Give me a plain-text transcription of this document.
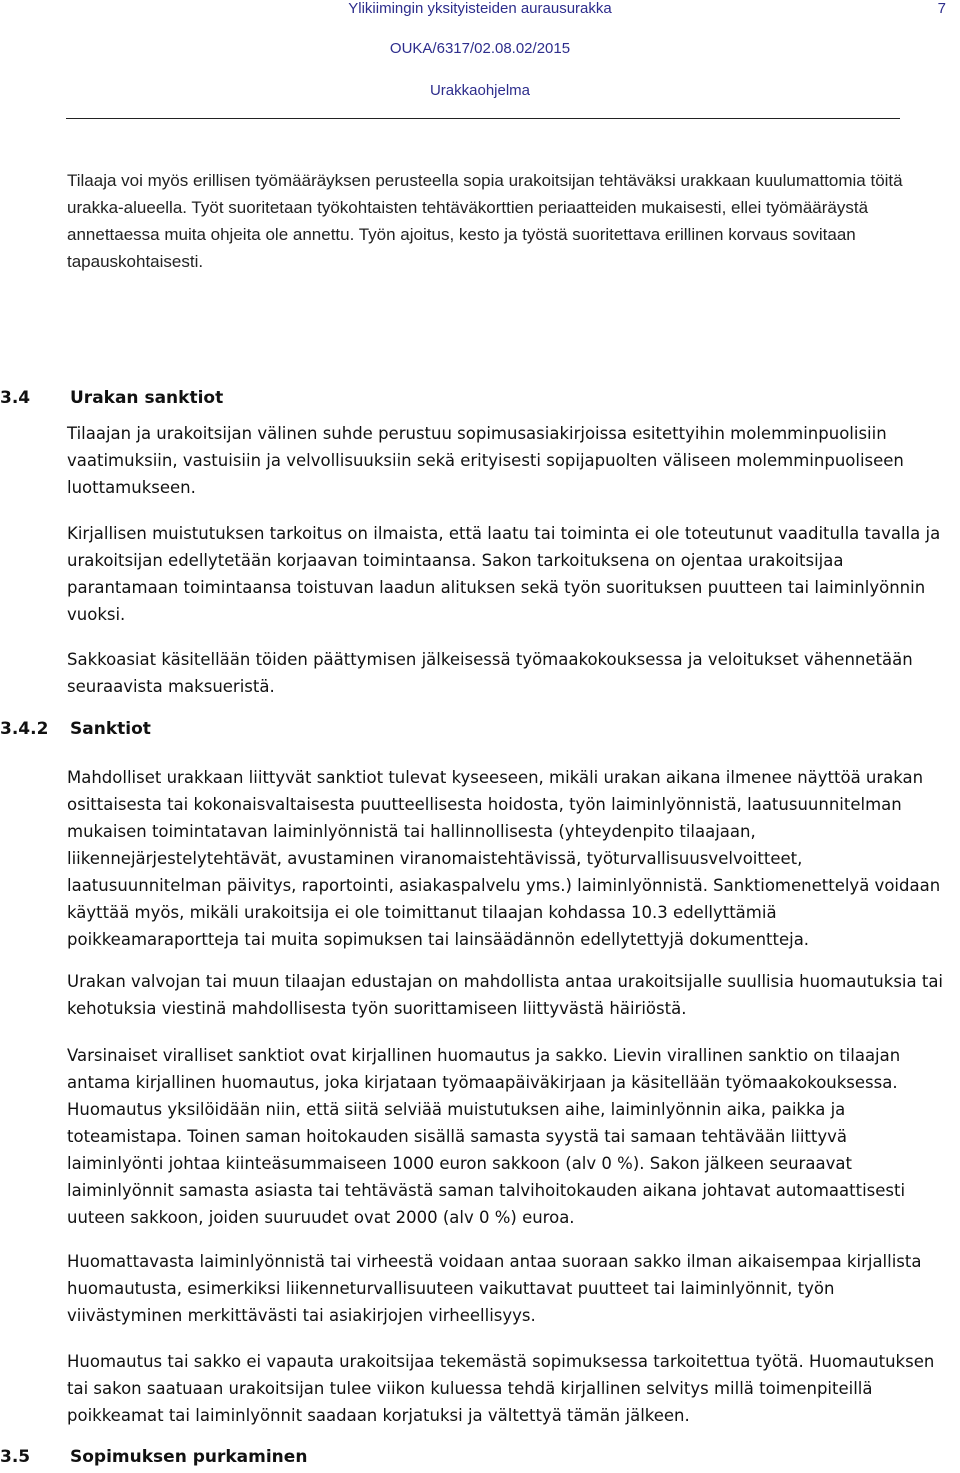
Ylikiimingin yksityisteiden aurausurakka	7
OUKA/6317/02.08.02/2015
Urakkaohjelma

Tilaaja voi myös erillisen työmääräyksen perusteella sopia urakoitsijan tehtäväksi urakkaan kuulumattomia töitä urakka-alueella. Työt suoritetaan työkohtaisten tehtäväkorttien periaatteiden mukaisesti, ellei työmääräystä annettaessa muita ohjeita ole annettu. Työn ajoitus, kesto ja työstä suoritettava erillinen korvaus sovitaan tapauskohtaisesti.

3.4 Urakan sanktiot

Tilaajan ja urakoitsijan välinen suhde perustuu sopimusasiakirjoissa esitettyihin molemminpuolisiin vaatimuksiin, vastuisiin ja velvollisuuksiin sekä erityisesti sopijapuolten väliseen molemminpuoliseen luottamukseen.

Kirjallisen muistutuksen tarkoitus on ilmaista, että laatu tai toiminta ei ole toteutunut vaaditulla tavalla ja urakoitsijan edellytetään korjaavan toimintaansa. Sakon tarkoituksena on ojentaa urakoitsijaa parantamaan toimintaansa toistuvan laadun alituksen sekä työn suorituksen puutteen tai laiminlyönnin vuoksi.

Sakkoasiat käsitellään töiden päättymisen jälkeisessä työmaakokouksessa ja veloitukset vähennetään seuraavista maksueristä.

3.4.2 Sanktiot

Mahdolliset urakkaan liittyvät sanktiot tulevat kyseeseen, mikäli urakan aikana ilmenee näyttöä urakan osittaisesta tai kokonaisvaltaisesta puutteellisesta hoidosta, työn laiminlyönnistä, laatusuunnitelman mukaisen toimintatavan laiminlyönnistä tai hallinnollisesta (yhteydenpito tilaajaan, liikennejärjestelytehtävät, avustaminen viranomaistehtävissä, työturvallisuusvelvoitteet, laatusuunnitelman päivitys, raportointi, asiakaspalvelu yms.) laiminlyönnistä. Sanktiomenettelyä voidaan käyttää myös, mikäli urakoitsija ei ole toimittanut tilaajan kohdassa 10.3 edellyttämiä poikkeamaraportteja tai muita sopimuksen tai lainsäädännön edellytettyjä dokumentteja.

Urakan valvojan tai muun tilaajan edustajan on mahdollista antaa urakoitsijalle suullisia huomautuksia tai kehotuksia viestinä mahdollisesta työn suorittamiseen liittyvästä häiriöstä.

Varsinaiset viralliset sanktiot ovat kirjallinen huomautus ja sakko. Lievin virallinen sanktio on tilaajan antama kirjallinen huomautus, joka kirjataan työmaapäiväkirjaan ja käsitellään työmaakokouksessa. Huomautus yksilöidään niin, että siitä selviää muistutuksen aihe, laiminlyönnin aika, paikka ja toteamistapa. Toinen saman hoitokauden sisällä samasta syystä tai samaan tehtävään liittyvä laiminlyönti johtaa kiinteäsummaiseen 1000 euron sakkoon (alv 0 %). Sakon jälkeen seuraavat laiminlyönnit samasta asiasta tai tehtävästä saman talvihoitokauden aikana johtavat automaattisesti uuteen sakkoon, joiden suuruudet ovat 2000 (alv 0 %) euroa.

Huomattavasta laiminlyönnistä tai virheestä voidaan antaa suoraan sakko ilman aikaisempaa kirjallista huomautusta, esimerkiksi liikenneturvallisuuteen vaikuttavat puutteet tai laiminlyönnit, työn viivästyminen merkittävästi tai asiakirjojen virheellisyys.

Huomautus tai sakko ei vapauta urakoitsijaa tekemästä sopimuksessa tarkoitettua työtä. Huomautuksen tai sakon saatuaan urakoitsijan tulee viikon kuluessa tehdä kirjallinen selvitys millä toimenpiteillä poikkeamat tai laiminlyönnit saadaan korjatuksi ja vältettyä tämän jälkeen.

3.5 Sopimuksen purkaminen
